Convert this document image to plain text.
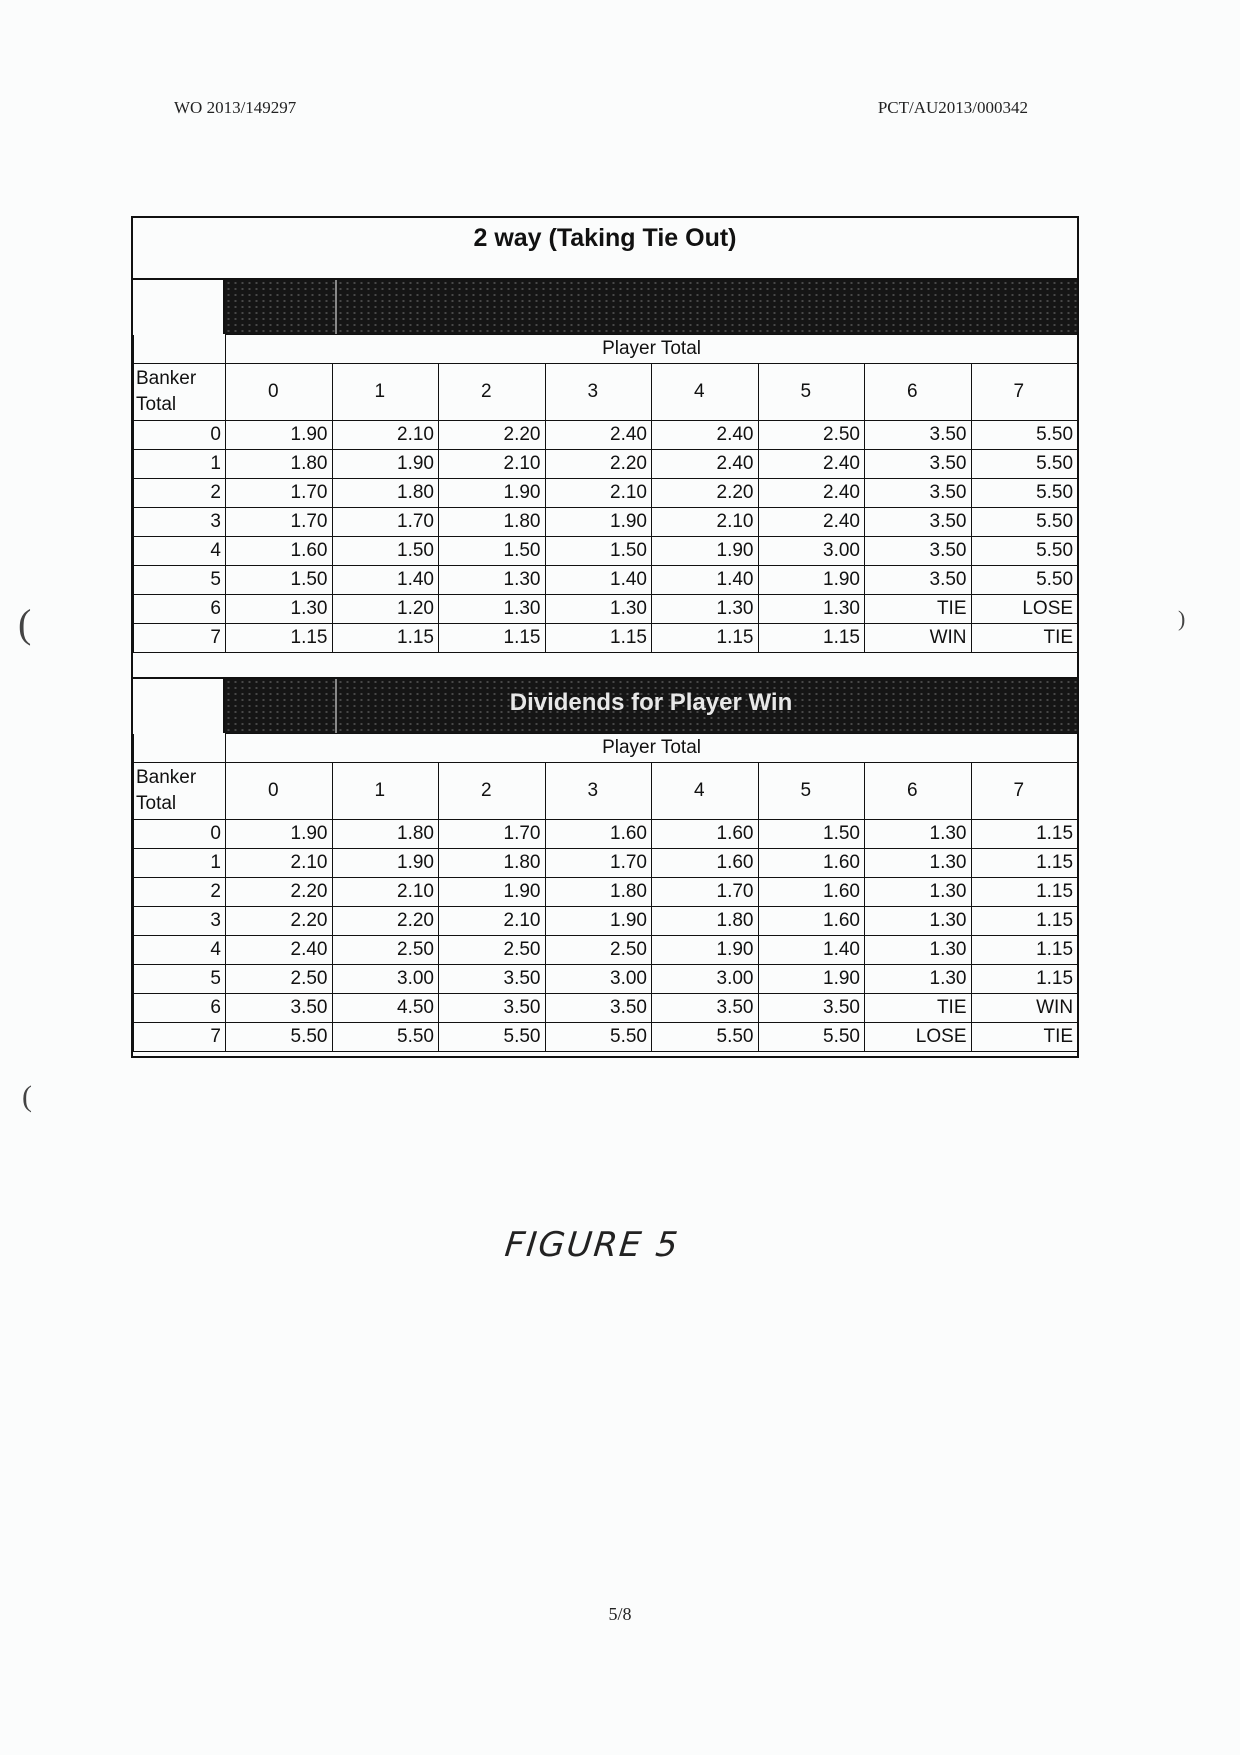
WO 2013/149297	PCT/AU2013/000342
(	)
(
2 way (Taking Tie Out)
	Player Total							
Banker Total	0	1	2	3	4	5	6	7
0	1.90	2.10	2.20	2.40	2.40	2.50	3.50	5.50
1	1.80	1.90	2.10	2.20	2.40	2.40	3.50	5.50
2	1.70	1.80	1.90	2.10	2.20	2.40	3.50	5.50
3	1.70	1.70	1.80	1.90	2.10	2.40	3.50	5.50
4	1.60	1.50	1.50	1.50	1.90	3.00	3.50	5.50
5	1.50	1.40	1.30	1.40	1.40	1.90	3.50	5.50
6	1.30	1.20	1.30	1.30	1.30	1.30	TIE	LOSE
7	1.15	1.15	1.15	1.15	1.15	1.15	WIN	TIE
Dividends for Player Win
	Player Total							
Banker Total	0	1	2	3	4	5	6	7
0	1.90	1.80	1.70	1.60	1.60	1.50	1.30	1.15
1	2.10	1.90	1.80	1.70	1.60	1.60	1.30	1.15
2	2.20	2.10	1.90	1.80	1.70	1.60	1.30	1.15
3	2.20	2.20	2.10	1.90	1.80	1.60	1.30	1.15
4	2.40	2.50	2.50	2.50	1.90	1.40	1.30	1.15
5	2.50	3.00	3.50	3.00	3.00	1.90	1.30	1.15
6	3.50	4.50	3.50	3.50	3.50	3.50	TIE	WIN
7	5.50	5.50	5.50	5.50	5.50	5.50	LOSE	TIE
FIGURE 5
5/8
